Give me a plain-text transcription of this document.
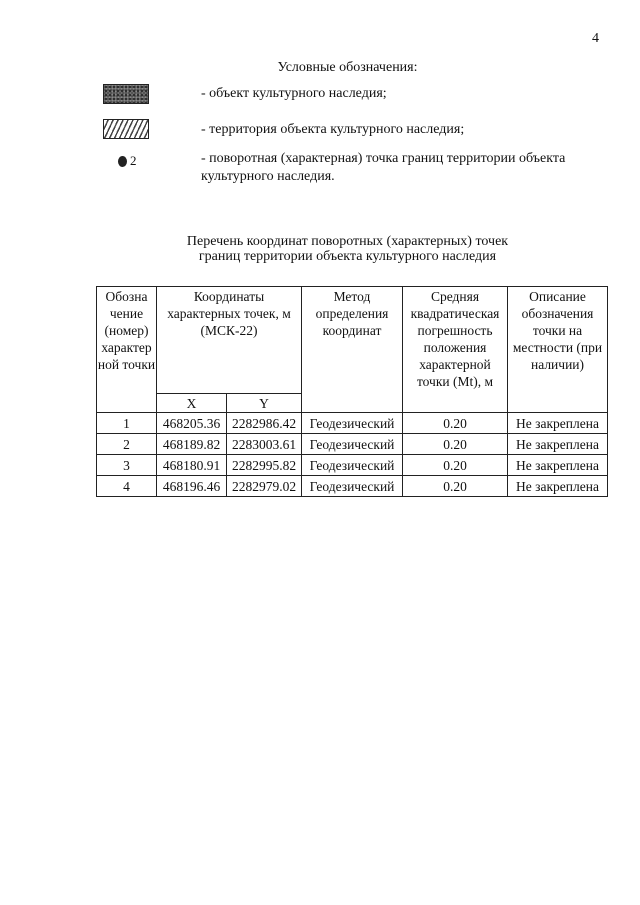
4
Условные обозначения:
- объект культурного наследия;
- территория объекта культурного наследия;
2	- поворотная (характерная) точка границ территории объекта культурного наследия.
Перечень координат поворотных (характерных) точек
границ территории объекта культурного наследия
Обозна чение (номер) характер ной точки	Координаты характерных точек, м (МСК-22)		Метод определения координат	Средняя квадратическая погрешность положения характерной точки (Mt), м	Описание обозначения точки на местности (при наличии)
	X	Y			
1	468205.36	2282986.42	Геодезический	0.20	Не закреплена
2	468189.82	2283003.61	Геодезический	0.20	Не закреплена
3	468180.91	2282995.82	Геодезический	0.20	Не закреплена
4	468196.46	2282979.02	Геодезический	0.20	Не закреплена
